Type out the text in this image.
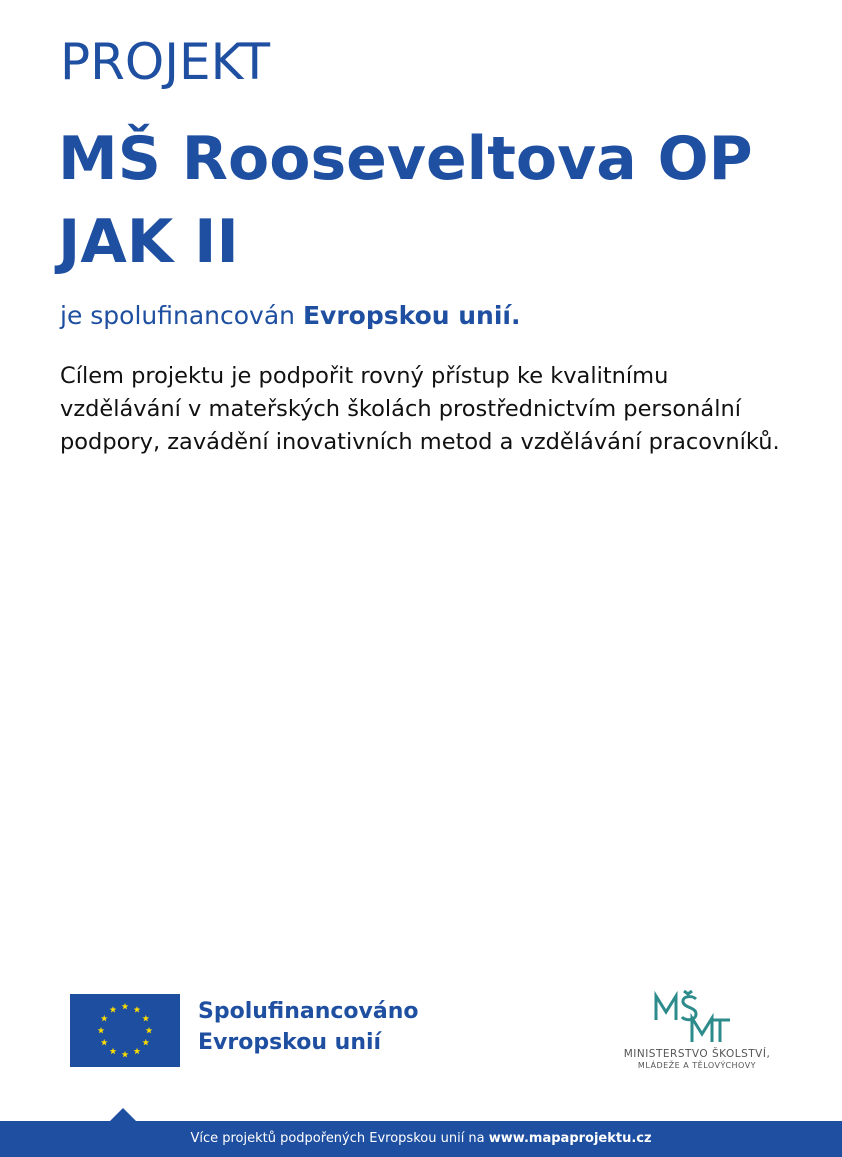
PROJEKT
MŠ Rooseveltova OP
JAK II
je spolufinancován Evropskou unií.
Cílem projektu je podpořit rovný přístup ke kvalitnímu
vzdělávání v mateřských školách prostřednictvím personální
podpory, zavádění inovativních metod a vzdělávání pracovníků.
Spolufinancováno
Evropskou unií	MINISTERSTVO ŠKOLSTVÍ,
MLÁDEŽE A TĚLOVÝCHOVY
Více projektů podpořených Evropskou unií na www.mapaprojektu.cz
